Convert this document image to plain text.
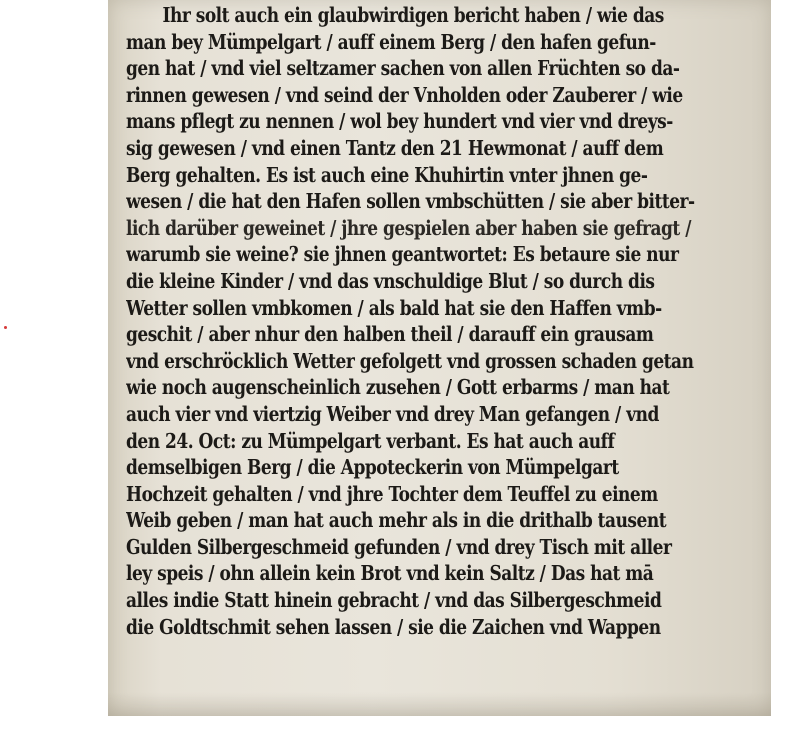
Ihr solt auch ein glaubwirdigen bericht haben / wie das
man bey Mümpelgart / auff einem Berg / den hafen gefun-
gen hat / vnd viel seltzamer sachen von allen Früchten so da-
rinnen gewesen / vnd seind der Vnholden oder Zauberer / wie
mans pflegt zu nennen / wol bey hundert vnd vier vnd dreys-
sig gewesen / vnd einen Tantz den 21 Hewmonat / auff dem
Berg gehalten. Es ist auch eine Khuhirtin vnter jhnen ge-
wesen / die hat den Hafen sollen vmbschütten / sie aber bitter-
lich darüber geweinet / jhre gespielen aber haben sie gefragt /
warumb sie weine? sie jhnen geantwortet: Es betaure sie nur
die kleine Kinder / vnd das vnschuldige Blut / so durch dis
Wetter sollen vmbkomen / als bald hat sie den Haffen vmb-
geschit / aber nhur den halben theil / darauff ein grausam
vnd erschröcklich Wetter gefolgett vnd grossen schaden getan
wie noch augenscheinlich zusehen / Gott erbarms / man hat
auch vier vnd viertzig Weiber vnd drey Man gefangen / vnd
den 24. Oct: zu Mümpelgart verbant. Es hat auch auff
demselbigen Berg / die Appoteckerin von Mümpelgart
Hochzeit gehalten / vnd jhre Tochter dem Teuffel zu einem
Weib geben / man hat auch mehr als in die drithalb tausent
Gulden Silbergeschmeid gefunden / vnd drey Tisch mit aller
ley speis / ohn allein kein Brot vnd kein Saltz / Das hat mā
alles indie Statt hinein gebracht / vnd das Silbergeschmeid
die Goldtschmit sehen lassen / sie die Zaichen vnd Wappen
